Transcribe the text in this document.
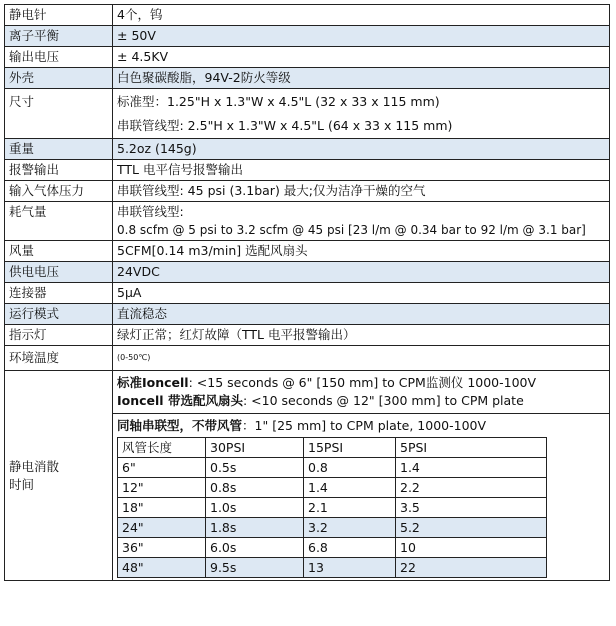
静电针	4个，钨
离子平衡	± 50V
输出电压	± 4.5KV
外壳	白色聚碳酸脂，94V-2防火等级
尺寸	标准型：1.25"H x 1.3"W x 4.5"L (32 x 33 x 115 mm)
串联管线型: 2.5"H x 1.3"W x 4.5"L (64 x 33 x 115 mm)

重量	5.2oz (145g)
报警输出	TTL 电平信号报警输出
输入气体压力	串联管线型: 45 psi (3.1bar) 最大;仅为洁净干燥的空气
耗气量	串联管线型:
0.8 scfm @ 5 psi to 3.2 scfm @ 45 psi [23 l/m @ 0.34 bar to 92 l/m @ 3.1 bar]

风量	5CFM[0.14 m3/min] 选配风扇头
供电电压	24VDC
连接器	5µA
运行模式	直流稳态
指示灯	绿灯正常；红灯故障（TTL 电平报警输出）
环境温度	(0-50℃)

静电消散
时间

标准Ioncell: <15 seconds @ 6" [150 mm] to CPM监测仪 1000-100V
Ioncell 带选配风扇头: <10 seconds @ 12" [300 mm] to CPM plate
同轴串联型，不带风管：1" [25 mm] to CPM plate, 1000-100V
风管长度	30PSI	15PSI	5PSI
6"	0.5s	0.8	1.4
12"	0.8s	1.4	2.2
18"	1.0s	2.1	3.5
24"	1.8s	3.2	5.2
36"	6.0s	6.8	10
48"	9.5s	13	22
